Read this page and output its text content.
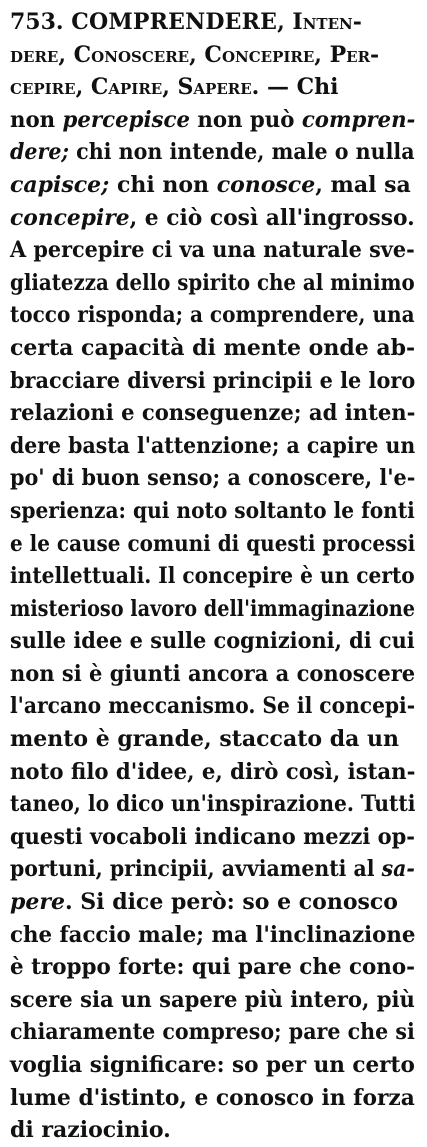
753. COMPRENDERE, Inten-
dere, Conoscere, Concepire, Per-
cepire, Capire, Sapere. — Chi
non percepisce non può compren-
dere; chi non intende, male o nulla
capisce; chi non conosce, mal sa
concepire, e ciò così all'ingrosso.
A percepire ci va una naturale sve-
gliatezza dello spirito che al minimo
tocco risponda; a comprendere, una
certa capacità di mente onde ab-
bracciare diversi principii e le loro
relazioni e conseguenze; ad inten-
dere basta l'attenzione; a capire un
po' di buon senso; a conoscere, l'e-
sperienza: qui noto soltanto le fonti
e le cause comuni di questi processi
intellettuali. Il concepire è un certo
misterioso lavoro dell'immaginazione
sulle idee e sulle cognizioni, di cui
non si è giunti ancora a conoscere
l'arcano meccanismo. Se il concepi-
mento è grande, staccato da un
noto filo d'idee, e, dirò così, istan-
taneo, lo dico un'inspirazione. Tutti
questi vocaboli indicano mezzi op-
portuni, principii, avviamenti al sa-
pere. Si dice però: so e conosco
che faccio male; ma l'inclinazione
è troppo forte: qui pare che cono-
scere sia un sapere più intero, più
chiaramente compreso; pare che si
voglia significare: so per un certo
lume d'istinto, e conosco in forza
di raziocinio.
